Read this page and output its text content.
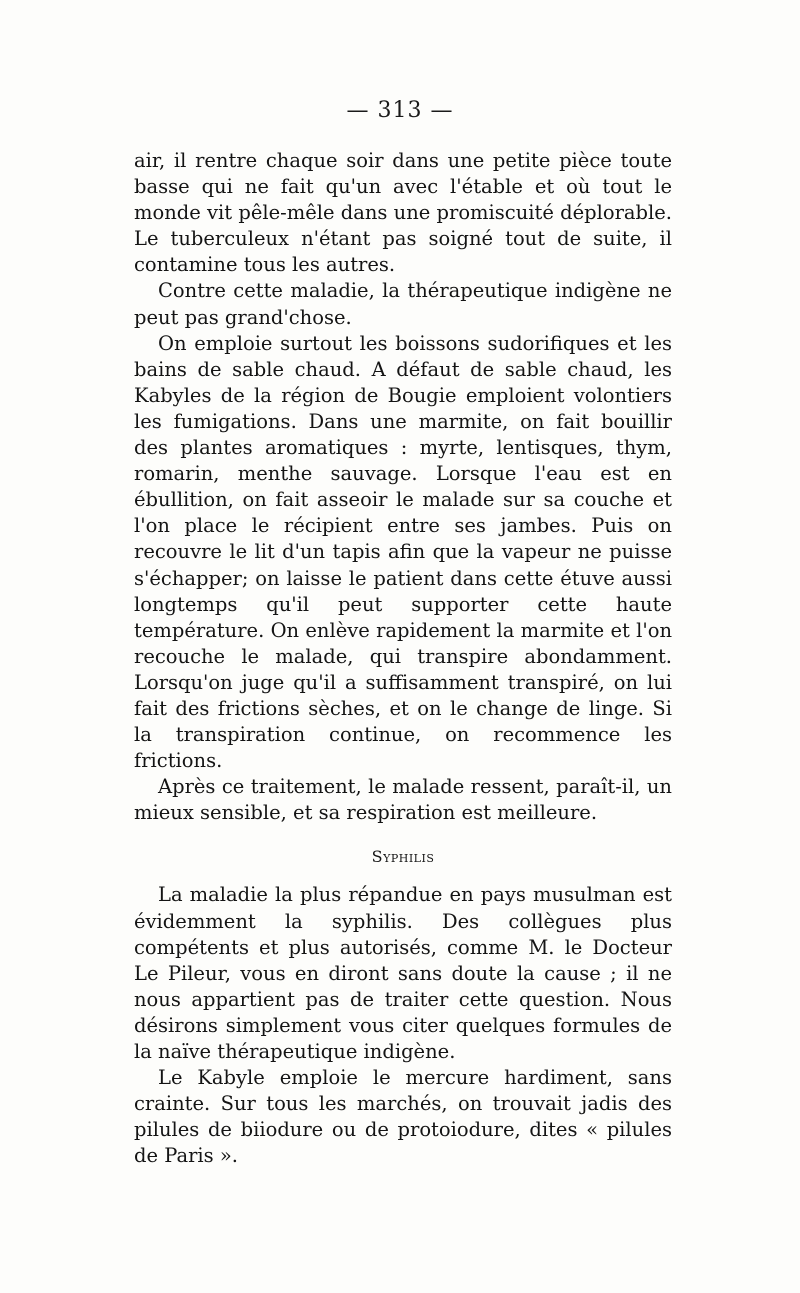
— 313 —

air, il rentre chaque soir dans une petite pièce toute basse qui ne fait qu'un avec l'étable et où tout le monde vit pêle-mêle dans une promiscuité déplorable. Le tuberculeux n'étant pas soigné tout de suite, il contamine tous les autres.

Contre cette maladie, la thérapeutique indigène ne peut pas grand'chose.

On emploie surtout les boissons sudorifiques et les bains de sable chaud. A défaut de sable chaud, les Kabyles de la région de Bougie emploient volontiers les fumigations. Dans une marmite, on fait bouillir des plantes aromatiques : myrte, lentisques, thym, romarin, menthe sauvage. Lorsque l'eau est en ébullition, on fait asseoir le malade sur sa couche et l'on place le récipient entre ses jambes. Puis on recouvre le lit d'un tapis afin que la vapeur ne puisse s'échapper; on laisse le patient dans cette étuve aussi longtemps qu'il peut supporter cette haute température. On enlève rapidement la marmite et l'on recouche le malade, qui transpire abondamment. Lorsqu'on juge qu'il a suffisamment transpiré, on lui fait des frictions sèches, et on le change de linge. Si la transpiration continue, on recommence les frictions.

Après ce traitement, le malade ressent, paraît-il, un mieux sensible, et sa respiration est meilleure.

Syphilis

La maladie la plus répandue en pays musulman est évidemment la syphilis. Des collègues plus compétents et plus autorisés, comme M. le Docteur Le Pileur, vous en diront sans doute la cause ; il ne nous appartient pas de traiter cette question. Nous désirons simplement vous citer quelques formules de la naïve thérapeutique indigène.

Le Kabyle emploie le mercure hardiment, sans crainte. Sur tous les marchés, on trouvait jadis des pilules de biiodure ou de protoiodure, dites « pilules de Paris ».
